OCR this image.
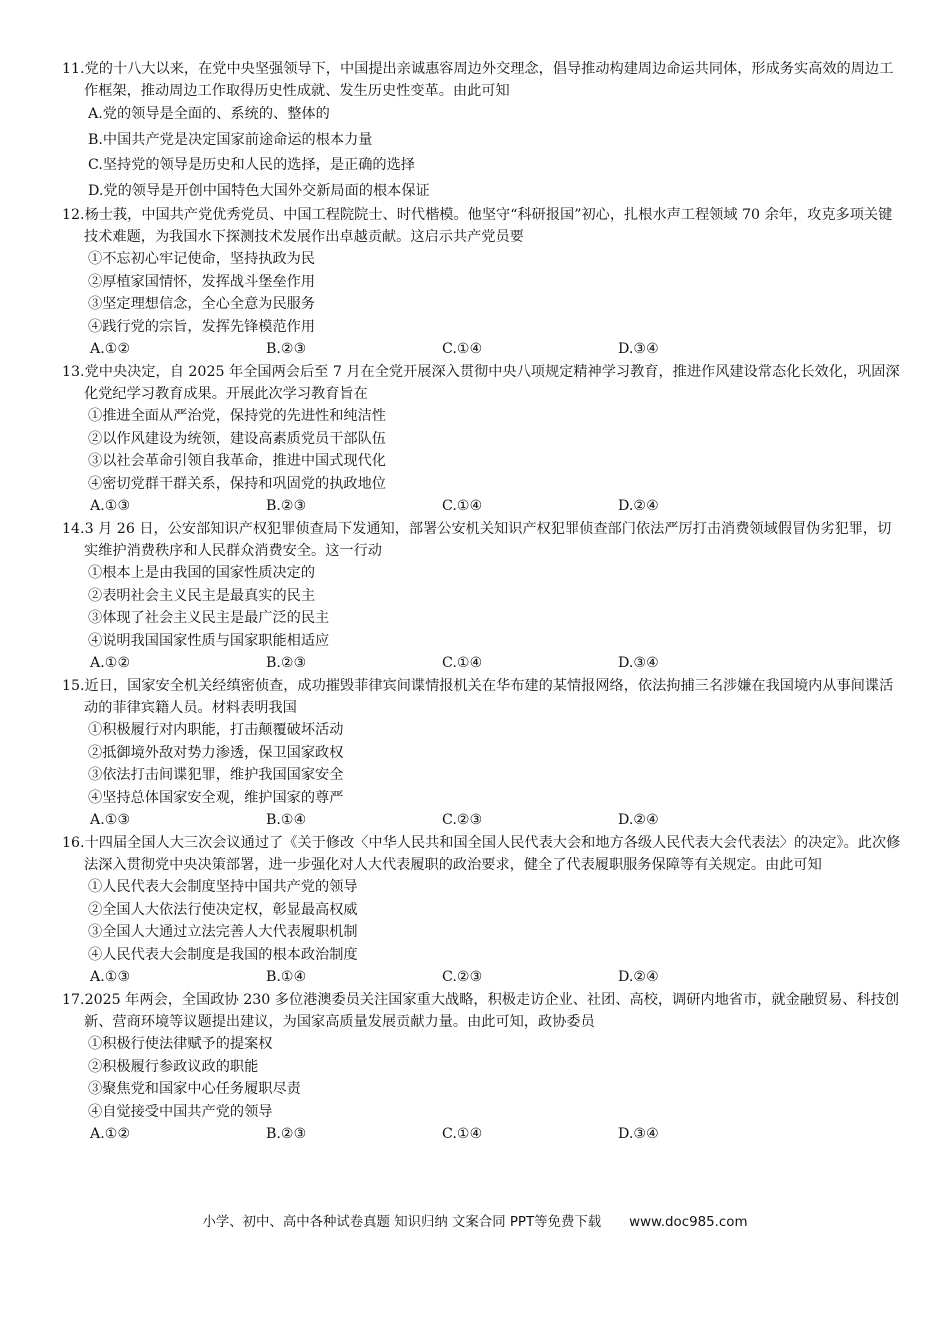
11.党的十八大以来，在党中央坚强领导下，中国提出亲诚惠容周边外交理念，倡导推动构建周边命运共同体，形成务实高效的周边工作框架，推动周边工作取得历史性成就、发生历史性变革。由此可知

A.党的领导是全面的、系统的、整体的
B.中国共产党是决定国家前途命运的根本力量
C.坚持党的领导是历史和人民的选择，是正确的选择
D.党的领导是开创中国特色大国外交新局面的根本保证

12.杨士莪，中国共产党优秀党员、中国工程院院士、时代楷模。他坚守“科研报国”初心，扎根水声工程领域 70 余年，攻克多项关键技术难题，为我国水下探测技术发展作出卓越贡献。这启示共产党员要

①不忘初心牢记使命，坚持执政为民
②厚植家国情怀，发挥战斗堡垒作用
③坚定理想信念，全心全意为民服务
④践行党的宗旨，发挥先锋模范作用
A.①②	B.②③	C.①④	D.③④

13.党中央决定，自 2025 年全国两会后至 7 月在全党开展深入贯彻中央八项规定精神学习教育，推进作风建设常态化长效化，巩固深化党纪学习教育成果。开展此次学习教育旨在

①推进全面从严治党，保持党的先进性和纯洁性
②以作风建设为统领，建设高素质党员干部队伍
③以社会革命引领自我革命，推进中国式现代化
④密切党群干群关系，保持和巩固党的执政地位
A.①③	B.②③	C.①④	D.②④

14.3 月 26 日，公安部知识产权犯罪侦查局下发通知，部署公安机关知识产权犯罪侦查部门依法严厉打击消费领域假冒伪劣犯罪，切实维护消费秩序和人民群众消费安全。这一行动

①根本上是由我国的国家性质决定的
②表明社会主义民主是最真实的民主
③体现了社会主义民主是最广泛的民主
④说明我国国家性质与国家职能相适应
A.①②	B.②③	C.①④	D.③④

15.近日，国家安全机关经缜密侦查，成功摧毁菲律宾间谍情报机关在华布建的某情报网络，依法拘捕三名涉嫌在我国境内从事间谍活动的菲律宾籍人员。材料表明我国

①积极履行对内职能，打击颠覆破坏活动
②抵御境外敌对势力渗透，保卫国家政权
③依法打击间谍犯罪，维护我国国家安全
④坚持总体国家安全观，维护国家的尊严
A.①③	B.①④	C.②③	D.②④

16.十四届全国人大三次会议通过了《关于修改〈中华人民共和国全国人民代表大会和地方各级人民代表大会代表法〉的决定》。此次修法深入贯彻党中央决策部署，进一步强化对人大代表履职的政治要求，健全了代表履职服务保障等有关规定。由此可知

①人民代表大会制度坚持中国共产党的领导
②全国人大依法行使决定权，彰显最高权威
③全国人大通过立法完善人大代表履职机制
④人民代表大会制度是我国的根本政治制度
A.①③	B.①④	C.②③	D.②④

17.2025 年两会，全国政协 230 多位港澳委员关注国家重大战略，积极走访企业、社团、高校，调研内地省市，就金融贸易、科技创新、营商环境等议题提出建议，为国家高质量发展贡献力量。由此可知，政协委员

①积极行使法律赋予的提案权
②积极履行参政议政的职能
③聚焦党和国家中心任务履职尽责
④自觉接受中国共产党的领导
A.①②	B.②③	C.①④	D.③④
小学、初中、高中各种试卷真题 知识归纳 文案合同 PPT等免费下载 www.doc985.com
